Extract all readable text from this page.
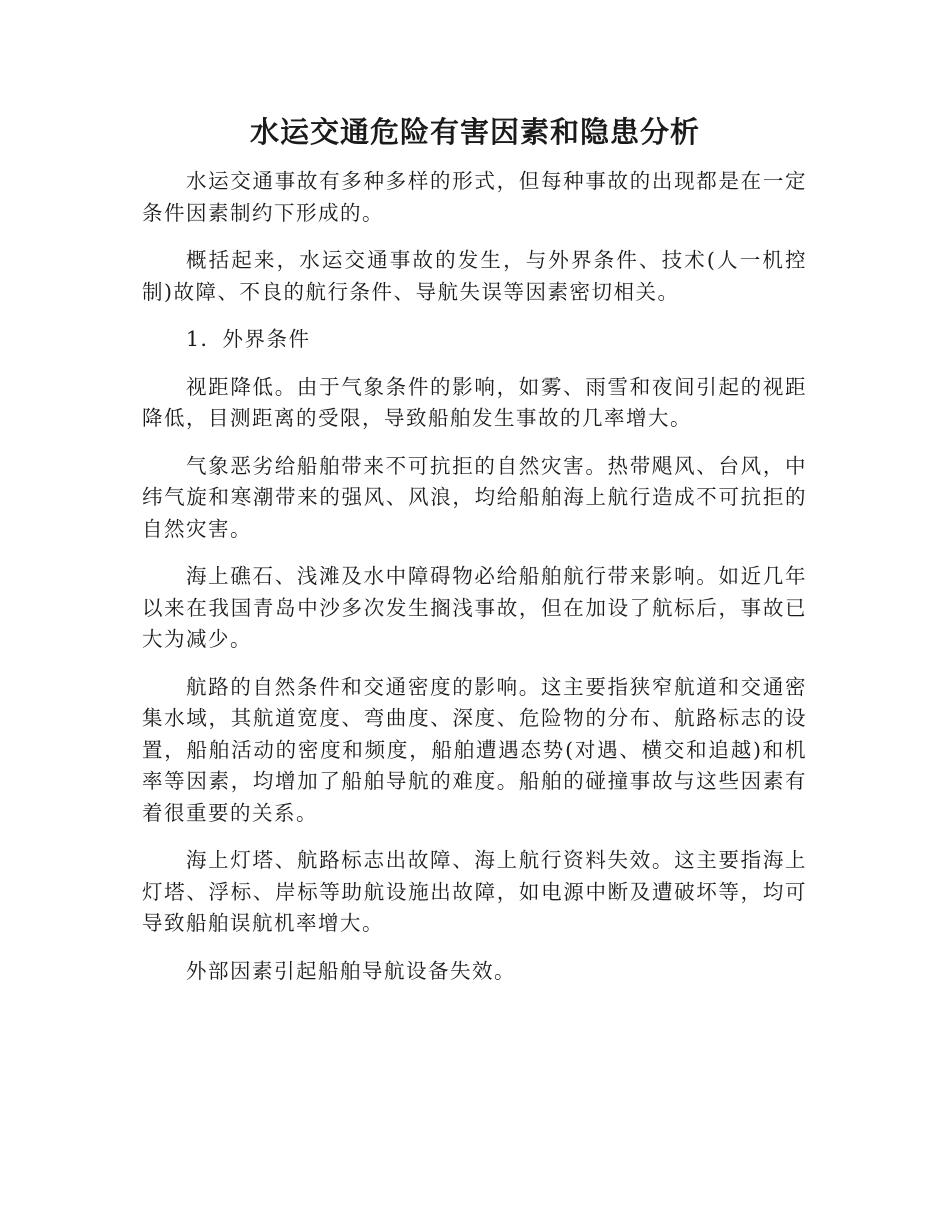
水运交通危险有害因素和隐患分析

水运交通事故有多种多样的形式，但每种事故的出现都是在一定条件因素制约下形成的。

概括起来，水运交通事故的发生，与外界条件、技术(人一机控制)故障、不良的航行条件、导航失误等因素密切相关。

1．外界条件

视距降低。由于气象条件的影响，如雾、雨雪和夜间引起的视距降低，目测距离的受限，导致船舶发生事故的几率增大。

气象恶劣给船舶带来不可抗拒的自然灾害。热带飓风、台风，中纬气旋和寒潮带来的强风、风浪，均给船舶海上航行造成不可抗拒的自然灾害。

海上礁石、浅滩及水中障碍物必给船舶航行带来影响。如近几年以来在我国青岛中沙多次发生搁浅事故，但在加设了航标后，事故已大为减少。

航路的自然条件和交通密度的影响。这主要指狭窄航道和交通密集水域，其航道宽度、弯曲度、深度、危险物的分布、航路标志的设置，船舶活动的密度和频度，船舶遭遇态势(对遇、横交和追越)和机率等因素，均增加了船舶导航的难度。船舶的碰撞事故与这些因素有着很重要的关系。

海上灯塔、航路标志出故障、海上航行资料失效。这主要指海上灯塔、浮标、岸标等助航设施出故障，如电源中断及遭破坏等，均可导致船舶误航机率增大。

外部因素引起船舶导航设备失效。
